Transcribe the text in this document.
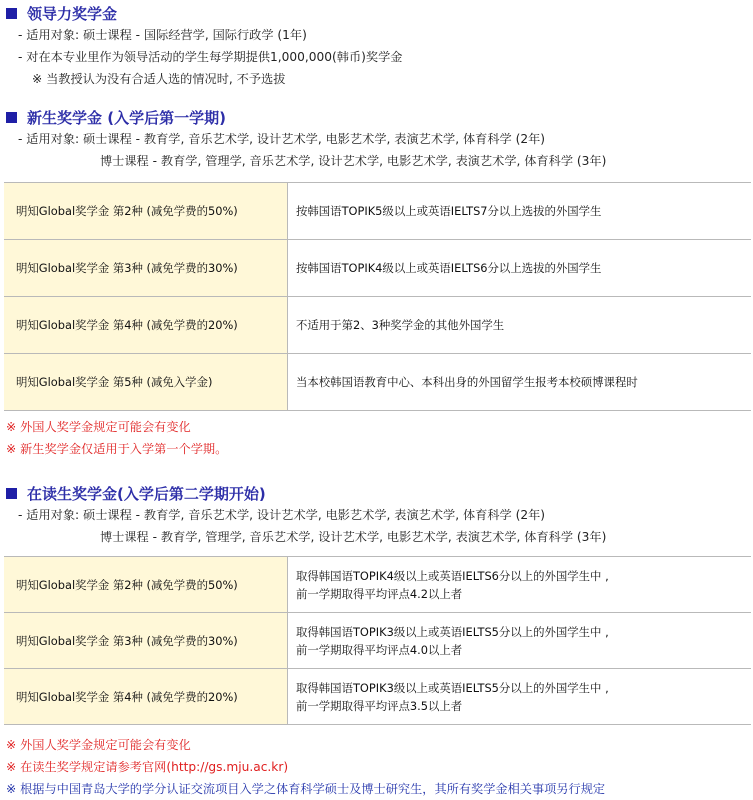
领导力奖学金
- 适用对象: 硕士课程 - 国际经营学, 国际行政学 (1年)
- 对在本专业里作为领导活动的学生每学期提供1,000,000(韩币)奖学金
※ 当教授认为没有合适人选的情况时, 不予选拔
新生奖学金 (入学后第一学期)
- 适用对象: 硕士课程 - 教育学, 音乐艺术学, 设计艺术学, 电影艺术学, 表演艺术学, 体育科学 (2年)
博士课程 - 教育学, 管理学, 音乐艺术学, 设计艺术学, 电影艺术学, 表演艺术学, 体育科学 (3年)
明知Global奖学金 第2种 (减免学费的50%)	按韩国语TOPIK5级以上或英语IELTS7分以上选拔的外国学生
明知Global奖学金 第3种 (减免学费的30%)	按韩国语TOPIK4级以上或英语IELTS6分以上选拔的外国学生
明知Global奖学金 第4种 (减免学费的20%)	不适用于第2、3种奖学金的其他外国学生
明知Global奖学金 第5种 (减免入学金)	当本校韩国语教育中心、本科出身的外国留学生报考本校硕博课程时
※ 外国人奖学金规定可能会有变化
※ 新生奖学金仅适用于入学第一个学期。
在读生奖学金(入学后第二学期开始)
- 适用对象: 硕士课程 - 教育学, 音乐艺术学, 设计艺术学, 电影艺术学, 表演艺术学, 体育科学 (2年)
博士课程 - 教育学, 管理学, 音乐艺术学, 设计艺术学, 电影艺术学, 表演艺术学, 体育科学 (3年)
明知Global奖学金 第2种 (减免学费的50%)	取得韩国语TOPIK4级以上或英语IELTS6分以上的外国学生中 ,
前一学期取得平均评点4.2以上者

明知Global奖学金 第3种 (减免学费的30%)	取得韩国语TOPIK3级以上或英语IELTS5分以上的外国学生中 ,
前一学期取得平均评点4.0以上者

明知Global奖学金 第4种 (减免学费的20%)	取得韩国语TOPIK3级以上或英语IELTS5分以上的外国学生中 ,
前一学期取得平均评点3.5以上者
※ 外国人奖学金规定可能会有变化
※ 在读生奖学规定请参考官网(http://gs.mju.ac.kr)
※ 根据与中国青岛大学的学分认证交流项目入学之体育科学硕士及博士研究生，其所有奖学金相关事项另行规定
